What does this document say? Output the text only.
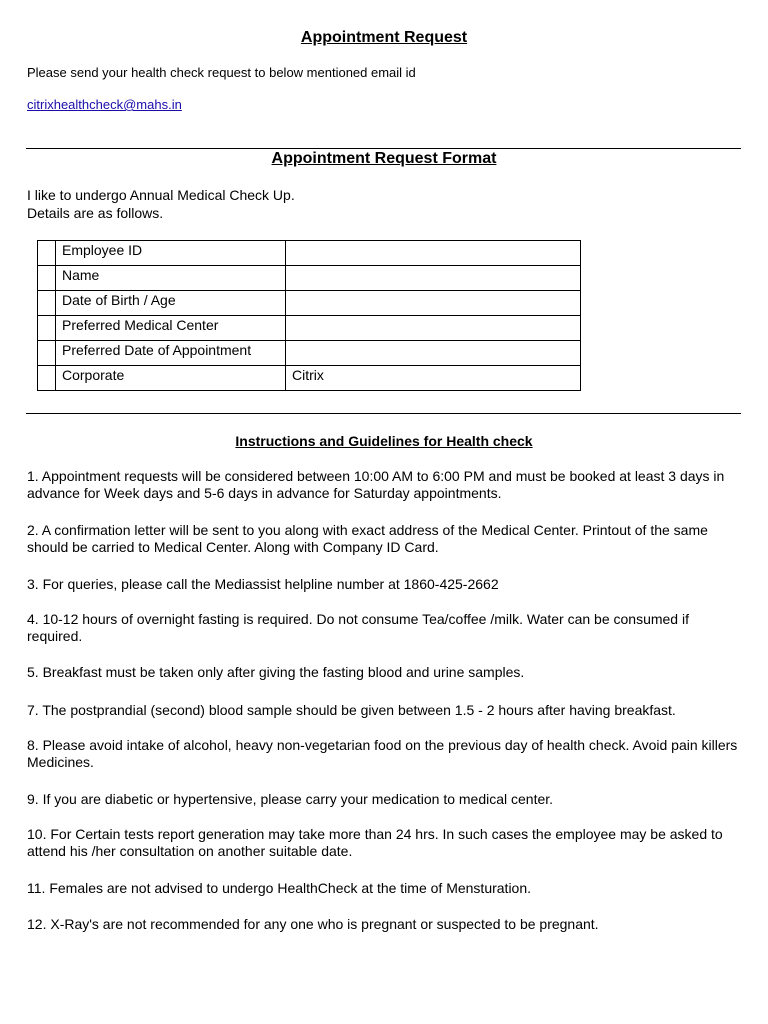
Appointment Request
Please send your health check request to below mentioned email id
citrixhealthcheck@mahs.in
Appointment Request Format
I like to undergo Annual Medical Check Up.
Details are as follows.
	Employee ID	
	Name	
	Date of Birth / Age	
	Preferred Medical Center	
	Preferred Date of Appointment	
	Corporate	Citrix
Instructions and Guidelines for Health check
1. Appointment requests will be considered between 10:00 AM to 6:00 PM and must be booked at least 3 days in advance for Week days and 5-6 days in advance for Saturday appointments.
2. A confirmation letter will be sent to you along with exact address of the Medical Center. Printout of the same should be carried to Medical Center. Along with Company ID Card.
3. For queries, please call the Mediassist helpline number at 1860-425-2662
4. 10-12 hours of overnight fasting is required. Do not consume Tea/coffee /milk. Water can be consumed if required.
5. Breakfast must be taken only after giving the fasting blood and urine samples.
7. The postprandial (second) blood sample should be given between 1.5 - 2 hours after having breakfast.
8. Please avoid intake of alcohol, heavy non-vegetarian food on the previous day of health check. Avoid pain killers Medicines.
9. If you are diabetic or hypertensive, please carry your medication to medical center.
10. For Certain tests report generation may take more than 24 hrs. In such cases the employee may be asked to attend his /her consultation on another suitable date.
11. Females are not advised to undergo HealthCheck at the time of Mensturation.
12. X-Ray's are not recommended for any one who is pregnant or suspected to be pregnant.
